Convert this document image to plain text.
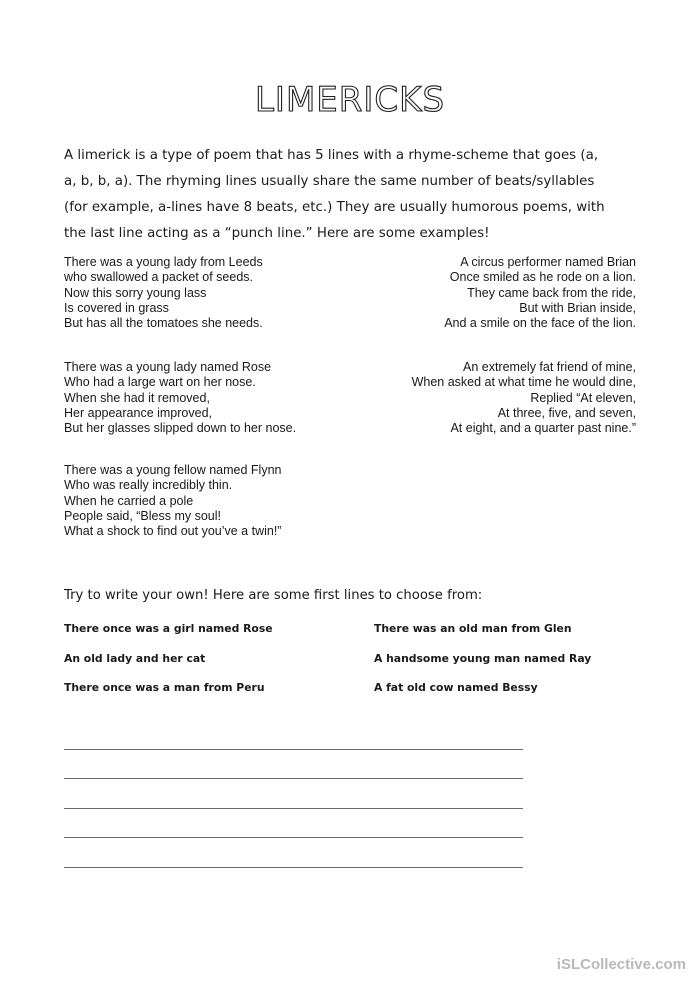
LIMERICKS
A limerick is a type of poem that has 5 lines with a rhyme-scheme that goes (a,
a, b, b, a). The rhyming lines usually share the same number of beats/syllables
(for example, a-lines have 8 beats, etc.) They are usually humorous poems, with
the last line acting as a “punch line.” Here are some examples!
There was a young lady from Leeds
who swallowed a packet of seeds.
Now this sorry young lass
Is covered in grass
But has all the tomatoes she needs.
A circus performer named Brian
Once smiled as he rode on a lion.
They came back from the ride,
But with Brian inside,
And a smile on the face of the lion.
There was a young lady named Rose
Who had a large wart on her nose.
When she had it removed,
Her appearance improved,
But her glasses slipped down to her nose.
An extremely fat friend of mine,
When asked at what time he would dine,
Replied “At eleven,
At three, five, and seven,
At eight, and a quarter past nine.”
There was a young fellow named Flynn
Who was really incredibly thin.
When he carried a pole
People said, “Bless my soul!
What a shock to find out you’ve a twin!”
Try to write your own! Here are some first lines to choose from:
There once was a girl named Rose	There was an old man from Glen
An old lady and her cat	A handsome young man named Ray
There once was a man from Peru	A fat old cow named Bessy
iSLCollective.com
